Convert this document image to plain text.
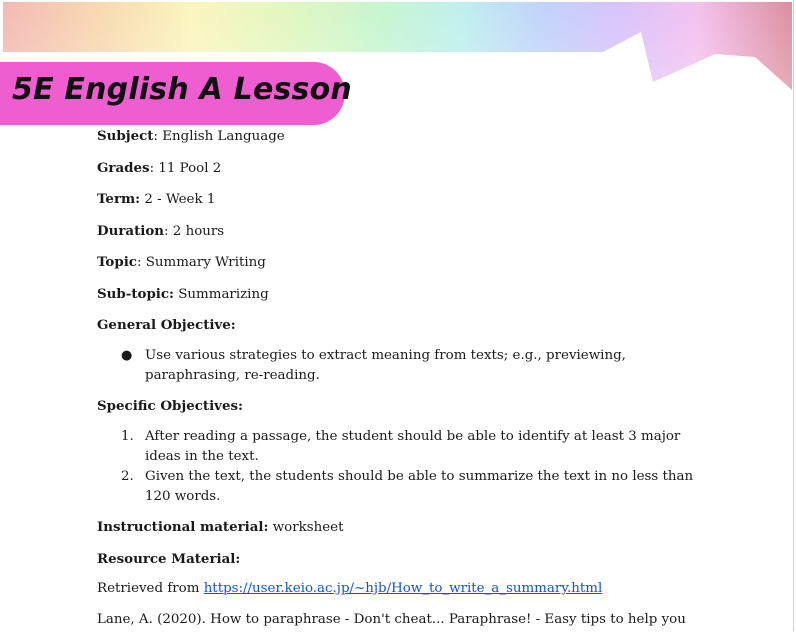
5E English A Lesson
Subject: English Language
Grades: 11 Pool 2
Term: 2 - Week 1
Duration: 2 hours
Topic: Summary Writing
Sub-topic: Summarizing
General Objective:
● Use various strategies to extract meaning from texts; e.g., previewing, paraphrasing, re-reading.
Specific Objectives:
1. After reading a passage, the student should be able to identify at least 3 major ideas in the text.
2. Given the text, the students should be able to summarize the text in no less than 120 words.
Instructional material: worksheet
Resource Material:
Retrieved from https://user.keio.ac.jp/~hjb/How_to_write_a_summary.html
Lane, A. (2020). How to paraphrase - Don't cheat... Paraphrase! - Easy tips to help you
